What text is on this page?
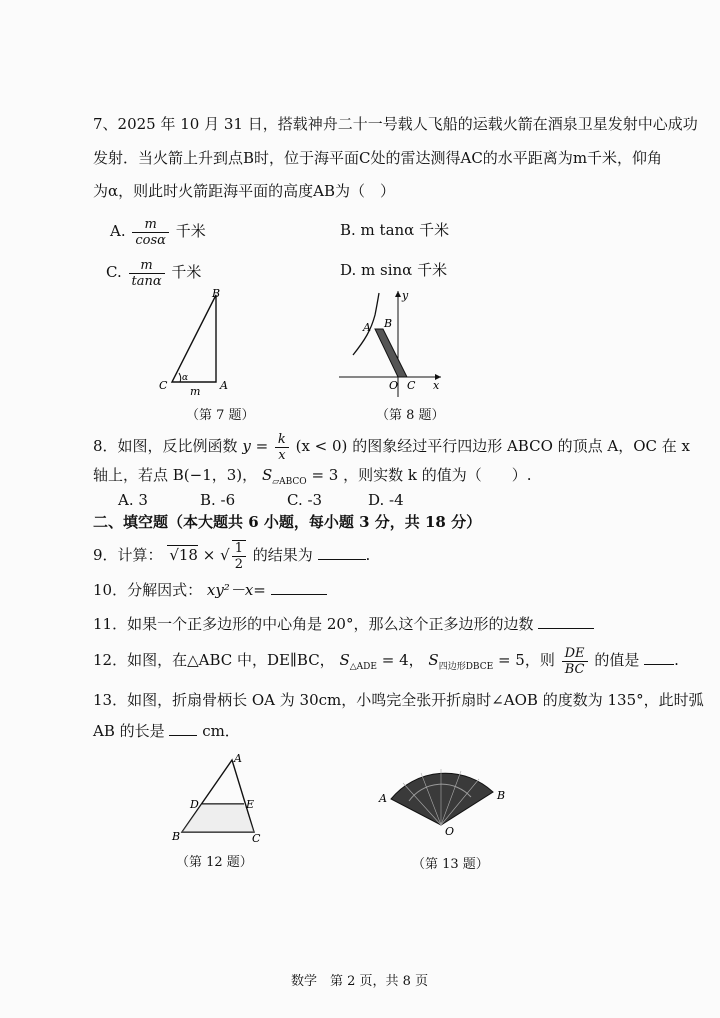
7、2025 年 10 月 31 日，搭载神舟二十一号载人飞船的运载火箭在酒泉卫星发射中心成功
发射．当火箭上升到点B时，位于海平面C处的雷达测得AC的水平距离为m千米，仰角
为α，则此时火箭距海平面的高度AB为（　）
A. $\frac{m}{\cos\alpha}$ 千米	B. m tanα 千米
C. $\frac{m}{\tan\alpha}$ 千米	D. m sinα 千米
B
C	A
α
m
（第 7 题）
A B
O C x
y
（第 8 题）
8．如图，反比例函数 $y = \frac{k}{x} (x < 0)$ 的图象经过平行四边形 ABCO 的顶点 A，OC 在 x
轴上，若点 B(−1，3)， $S_{▱ABCO} = 3$ ，则实数 k 的值为（　　）.
A. 3	B. -6	C. -3	D. -4
二、填空题（本大题共 6 小题，每小题 3 分，共 18 分）
9．计算： √18 × √ $\frac{1}{2}$ 的结果为	.
10．分解因式： xy²－x=
11．如果一个正多边形的中心角是 20°，那么这个正多边形的边数
12．如图，在△ABC 中，DE∥BC， $S_{\triangle ADE} = 4$， $S_{四边形DBCE} = 5$，则 $\frac{DE}{BC}$ 的值是 .
13．如图，折扇骨柄长 OA 为 30cm，小鸣完全张开折扇时∠AOB 的度数为 135°，此时弧
AB 的长是	cm．
A
D	E
B	C
（第 12 题）
A	B
O
（第 13 题）
数学　第 2 页，共 8 页
